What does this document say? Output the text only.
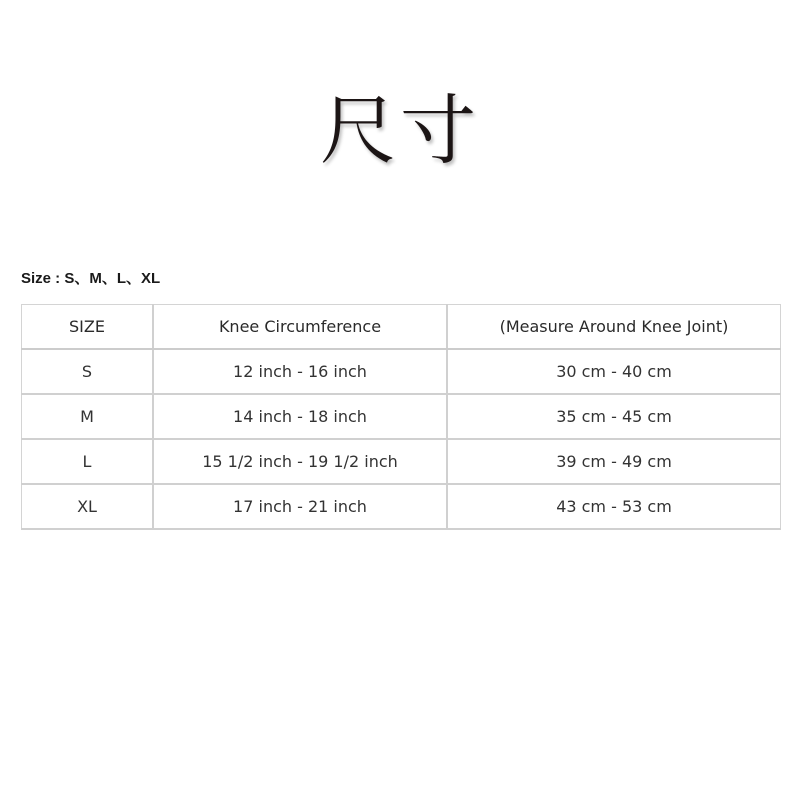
尺寸
Size : S、M、L、XL
SIZE	Knee Circumference	(Measure Around Knee Joint)
S	12 inch - 16 inch	30 cm - 40 cm
M	14 inch - 18 inch	35 cm - 45 cm
L	15 1/2 inch - 19 1/2 inch	39 cm - 49 cm
XL	17 inch - 21 inch	43 cm - 53 cm
